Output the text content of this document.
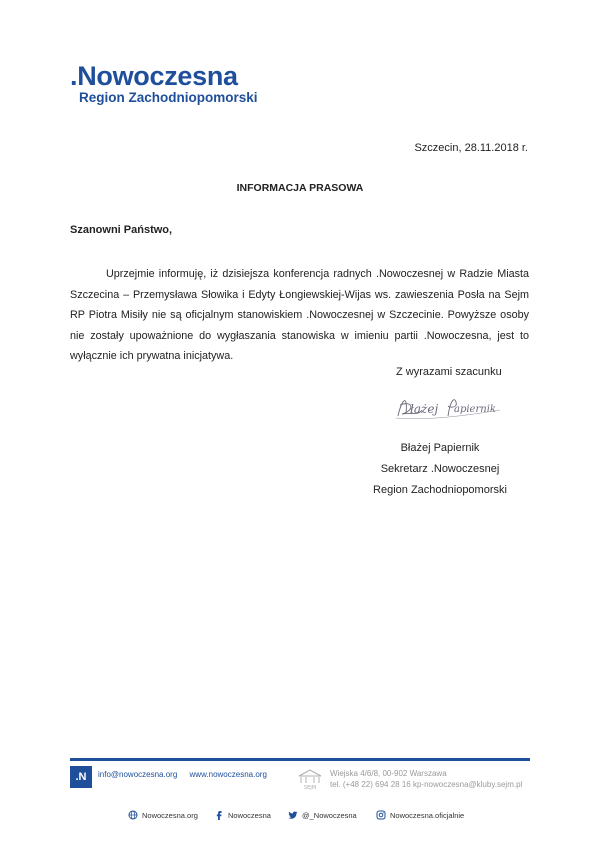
.Nowoczesna
Region Zachodniopomorski
Szczecin, 28.11.2018 r.
INFORMACJA PRASOWA
Szanowni Państwo,

Uprzejmie informuję, iż dzisiejsza konferencja radnych .Nowoczesnej w Radzie Miasta Szczecina – Przemysława Słowika i Edyty Łongiewskiej-Wijas ws. zawieszenia Posła na Sejm RP Piotra Misiły nie są oficjalnym stanowiskiem .Nowoczesnej w Szczecinie. Powyższe osoby nie zostały upoważnione do wygłaszania stanowiska w imieniu partii .Nowoczesna, jest to wyłącznie ich prywatna inicjatywa.

Z wyrazami szacunku
łażej apiernik
Błażej Papiernik
Sekretarz .Nowoczesnej
Region Zachodniopomorski
.N	info@nowoczesna.org www.nowoczesna.org
SEJM
Wiejska 4/6/8, 00-902 Warszawa
tel. (+48 22) 694 28 16 kp-nowoczesna@kluby.sejm.pl
Nowoczesna.org	Nowoczesna	@_Nowoczesna	Nowoczesna.oficjalnie
